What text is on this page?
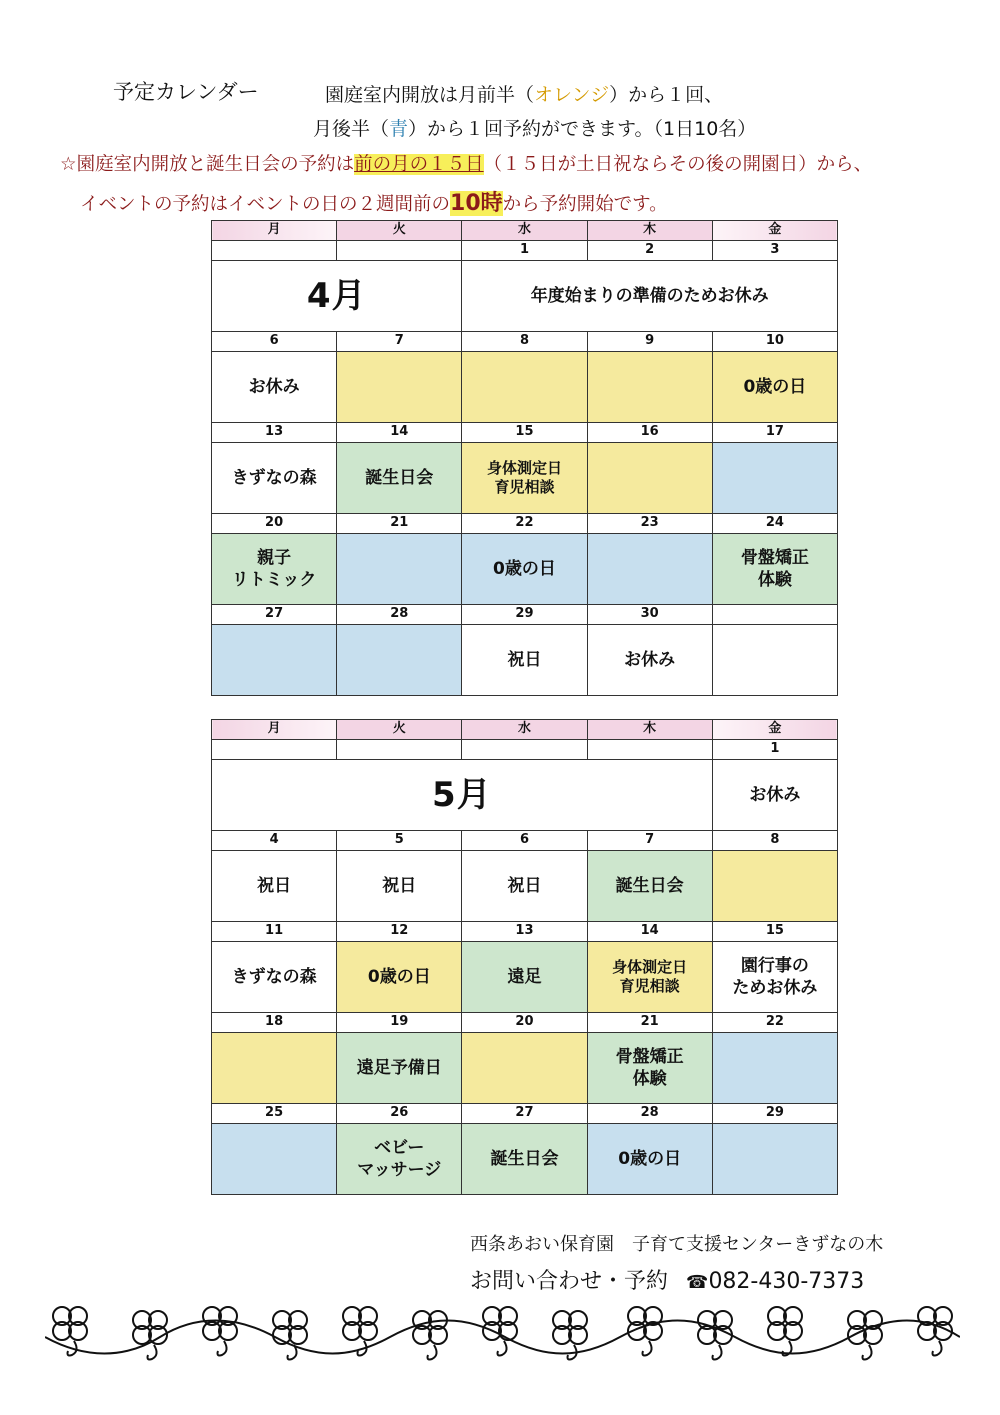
予定カレンダー	園庭室内開放は月前半（オレンジ）から１回、
月後半（青）から１回予約ができます。（1日10名）
☆園庭室内開放と誕生日会の予約は前の月の１５日（１５日が土日祝ならその後の開園日）から、
イベントの予約はイベントの日の２週間前の10時から予約開始です。
月	火	水	木	金
		1	2	3
4月		年度始まりの準備のためお休み		
6	7	8	9	10

お休み				0歳の日

13	14	15	16	17

きずなの森	誕生日会	身体測定日
育児相談		

20	21	22	23	24

親子
リトミック		0歳の日		骨盤矯正
体験

27	28	29	30	

		祝日	お休み	

月	火	水	木	金
				1
5月				お休み

4	5	6	7	8

祝日	祝日	祝日	誕生日会	

11	12	13	14	15

きずなの森	0歳の日	遠足	身体測定日
育児相談	園行事の
ためお休み

18	19	20	21	22

	遠足予備日		骨盤矯正
体験	

25	26	27	28	29

	ベビー
マッサージ	誕生日会	0歳の日	

西条あおい保育園　子育て支援センターきずなの木
お問い合わせ・予約 ☎082-430-7373
